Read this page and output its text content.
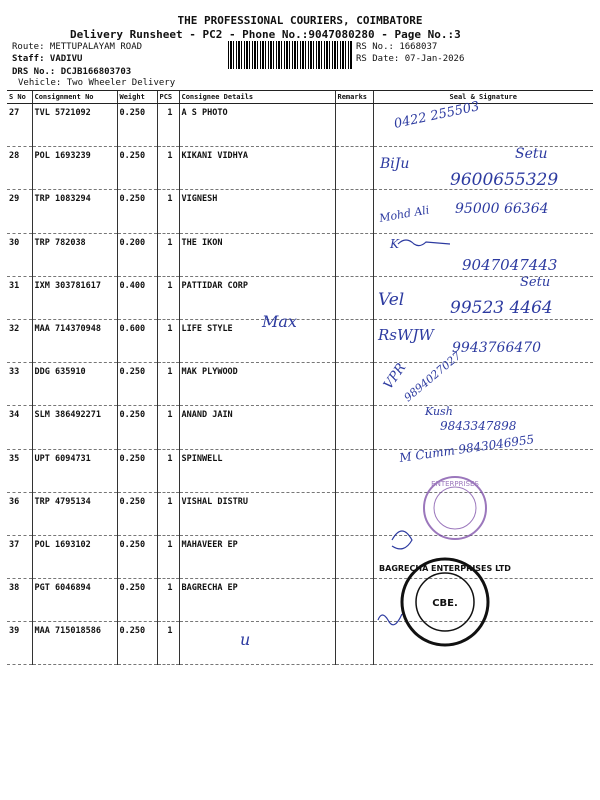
THE PROFESSIONAL COURIERS, COIMBATORE
Delivery Runsheet - PC2 - Phone No.:9047080280 - Page No.:3
Route: METTUPALAYAM ROAD
Staff: VADIVU
DRS No.: DCJB166803703
Vehicle: Two Wheeler Delivery
RS No.: 1668037
RS Date: 07-Jan-2026
S No	Consignment No	Weight	PCS	Consignee Details	Remarks	Seal & Signature
27	TVL 5721092	0.250	1	A S PHOTO		
28	POL 1693239	0.250	1	KIKANI VIDHYA		
29	TRP 1083294	0.250	1	VIGNESH		
30	TRP 782038	0.200	1	THE IKON		
31	IXM 303781617	0.400	1	PATTIDAR CORP		
32	MAA 714370948	0.600	1	LIFE STYLE		
33	DDG 635910	0.250	1	MAK PLYWOOD		
34	SLM 386492271	0.250	1	ANAND JAIN		
35	UPT 6094731	0.250	1	SPINWELL		
36	TRP 4795134	0.250	1	VISHAL DISTRU		
37	POL 1693102	0.250	1	MAHAVEER EP		
38	PGT 6046894	0.250	1	BAGRECHA EP		
39	MAA 715018586	0.250	1			
Max
0422 255503
BiJu
Setu
9600655329
Mohd Ali 95000 66364
K
9047047443
Setu
Vel	99523 4464
RsWJW
9943766470
VPR
9894027027
Kush
9843347898
M Cumm 9843046955
u
ENTERPRISES
BAGRECHA ENTERPRISES LTD
CBE.
